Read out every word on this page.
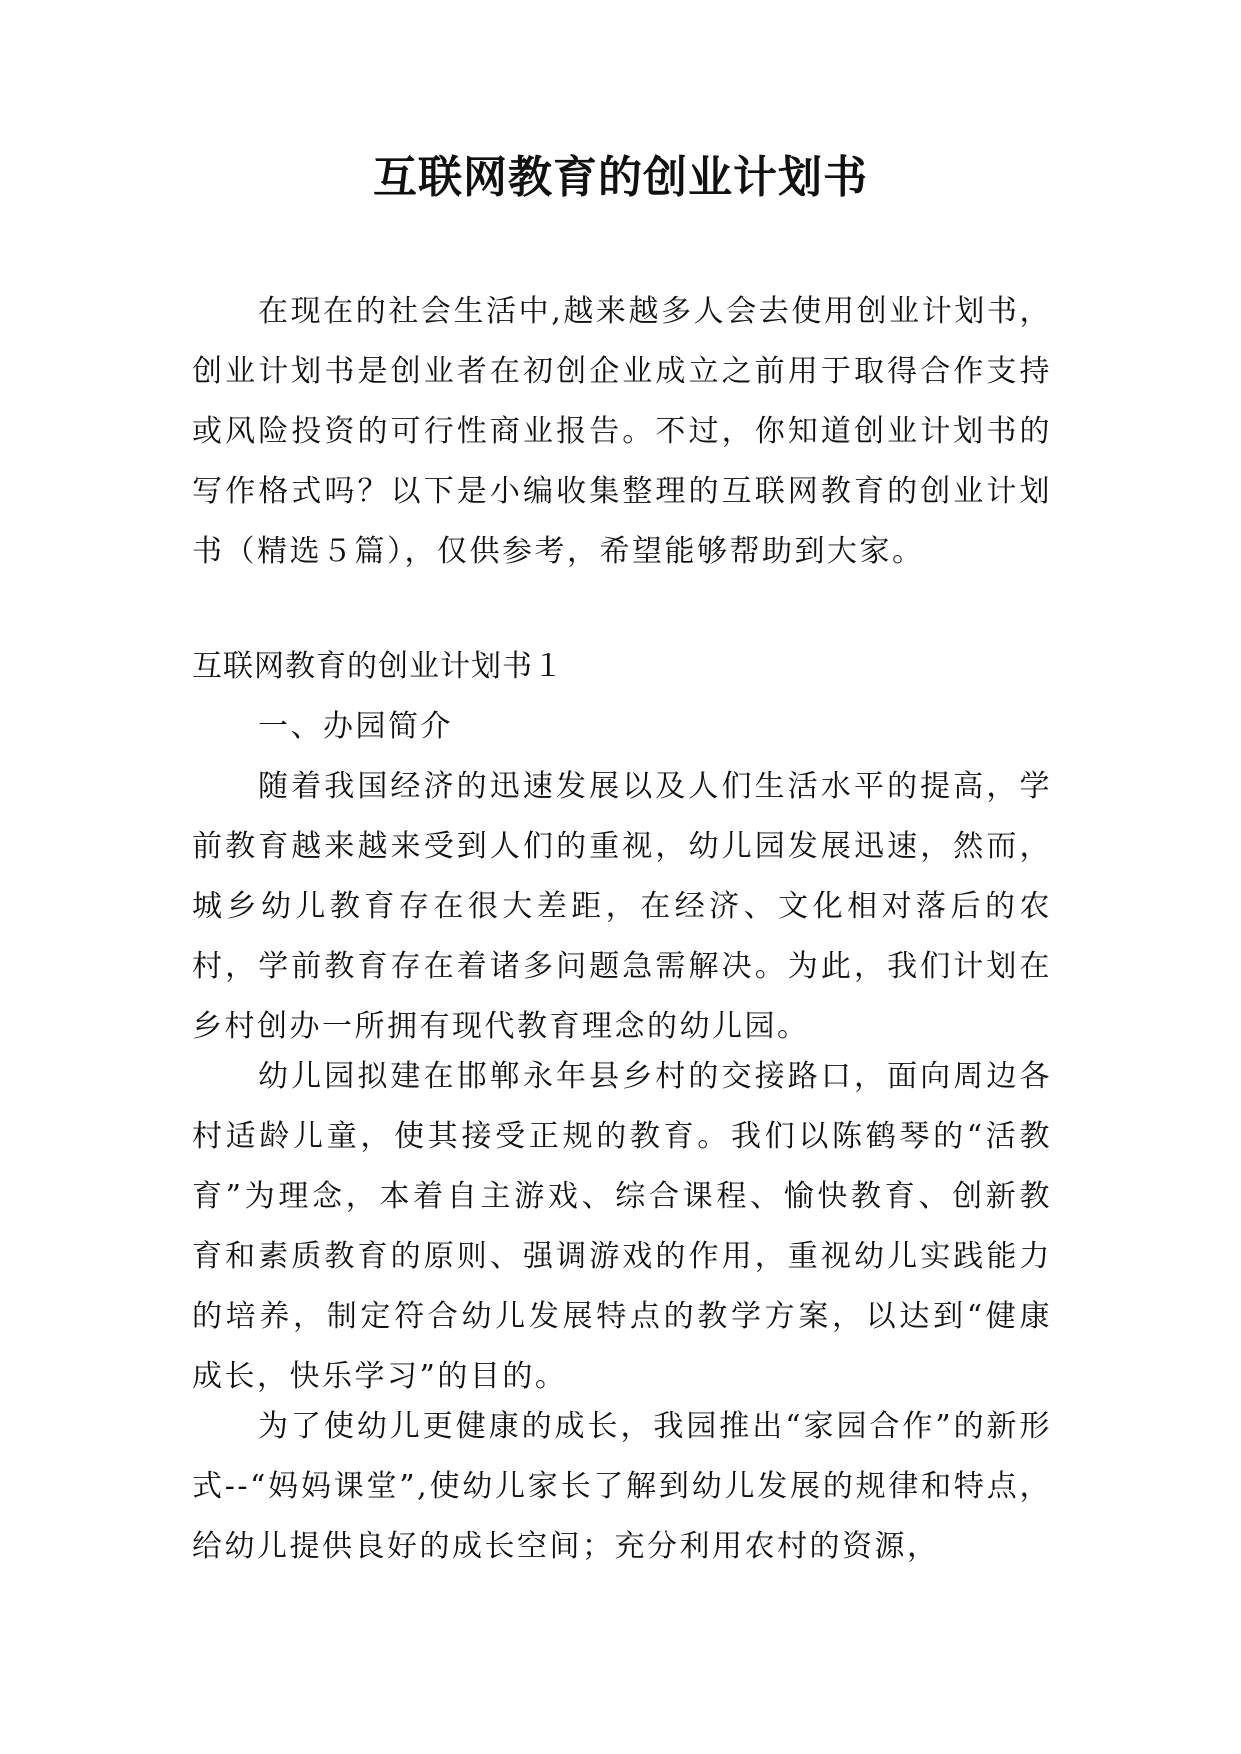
互联网教育的创业计划书

在现在的社会生活中,越来越多人会去使用创业计划书，创业计划书是创业者在初创企业成立之前用于取得合作支持或风险投资的可行性商业报告。不过，你知道创业计划书的写作格式吗？以下是小编收集整理的互联网教育的创业计划书（精选５篇），仅供参考，希望能够帮助到大家。

互联网教育的创业计划书１

一、办园简介

随着我国经济的迅速发展以及人们生活水平的提高，学前教育越来越来受到人们的重视，幼儿园发展迅速，然而，城乡幼儿教育存在很大差距，在经济、文化相对落后的农村，学前教育存在着诸多问题急需解决。为此，我们计划在乡村创办一所拥有现代教育理念的幼儿园。

幼儿园拟建在邯郸永年县乡村的交接路口，面向周边各村适龄儿童，使其接受正规的教育。我们以陈鹤琴的“活教育”为理念，本着自主游戏、综合课程、愉快教育、创新教育和素质教育的原则、强调游戏的作用，重视幼儿实践能力的培养，制定符合幼儿发展特点的教学方案，以达到“健康成长，快乐学习”的目的。

为了使幼儿更健康的成长，我园推出“家园合作”的新形式--“妈妈课堂”,使幼儿家长了解到幼儿发展的规律和特点，给幼儿提供良好的成长空间；充分利用农村的资源，
